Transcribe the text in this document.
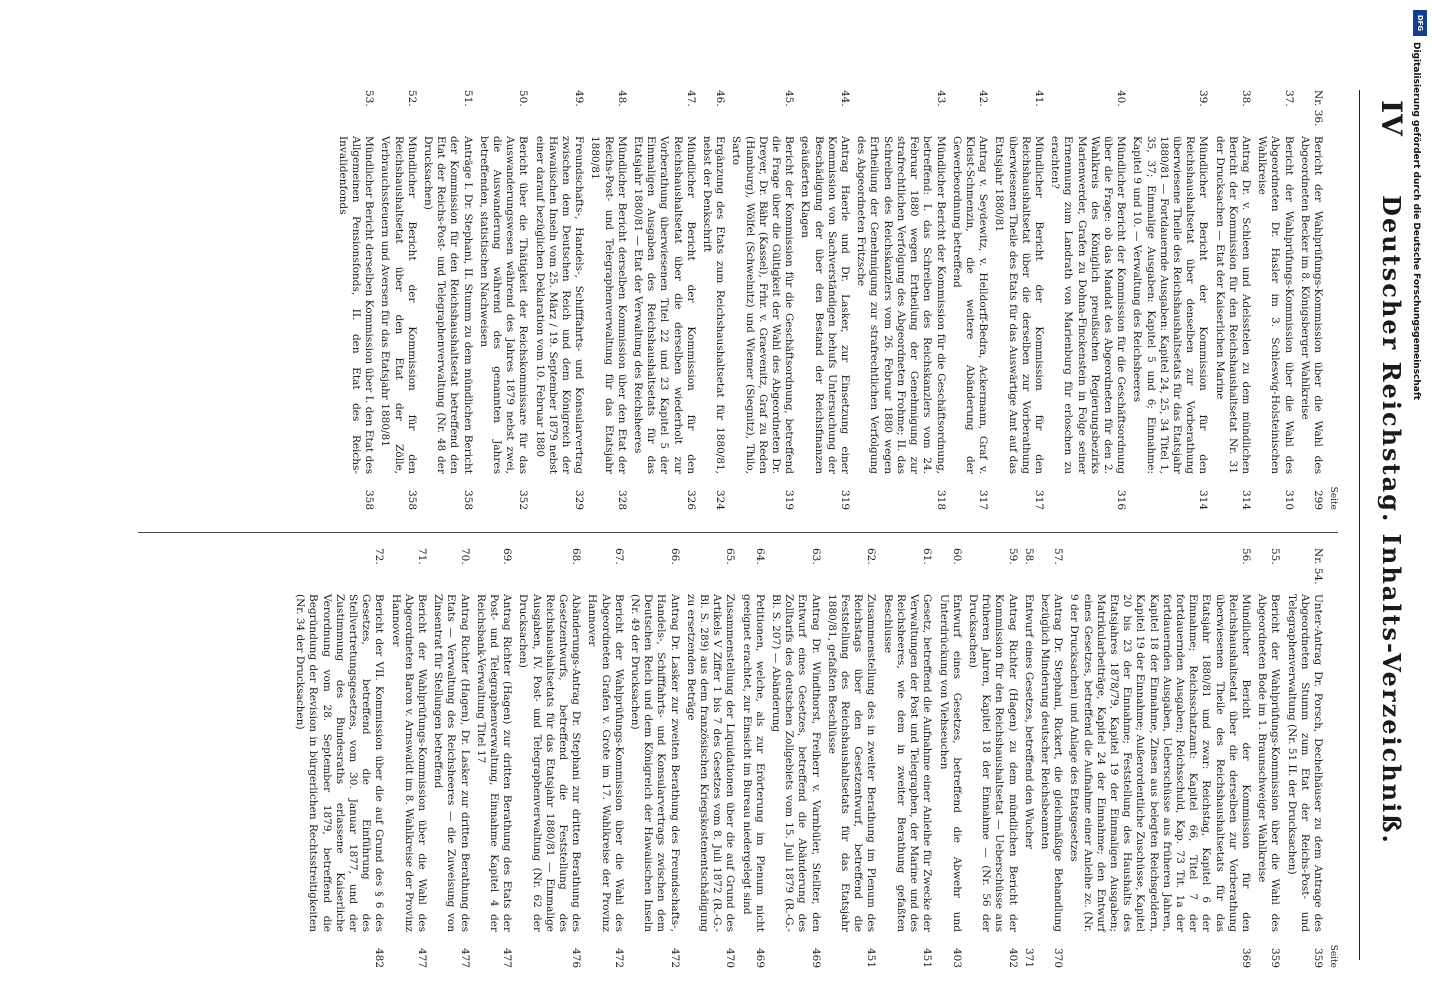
IV
Deutscher Reichstag. Inhalts-Verzeichniß.
Seite
Nr. 36.
Bericht der Wahlprüfungs-Kommission über die Wahl des Abgeordneten Becker im 8. Königsberger Wahlkreise
299
37.
Bericht der Wahlprüfungs-Kommission über die Wahl des Abgeordneten Dr. Hasler im 3. Schleswig-Holsteinischen Wahlkreise
310
38.
Antrag Dr. v. Schleen und Adelsstelen zu dem mündlichen Bericht der Kommission für den Reichshaushaltsetat Nr. 31 der Drucksachen — Etat der Kaiserlichen Marine
314
39.
Mündlicher Bericht der Kommission für den Reichshaushaltsetat über denselben zur Vorberathung überwiesene Theile des Reichshaushaltsetats für das Etatsjahr 1880/81 — Fortdauernde Ausgaben: Kapitel 24, 25, 34 Titel 1, 35, 37; Einmalige Ausgaben: Kapitel 5 und 6; Einnahme: Kapitel 9 und 10. — Verwaltung des Reichsheeres
314
40.
Mündlicher Bericht der Kommission für die Geschäftsordnung über die Frage: ob das Mandat des Abgeordneten für den 2. Wahlkreis des Königlich preußischen Regierungsbezirks Marienwerder, Grafen zu Dohna-Finckenstein in Folge seiner Ernennung zum Landrath von Marienburg für erloschen zu erachten?
316
41.
Mündlicher Bericht der Kommission für den Reichshaushaltsetat über die derselben zur Vorberathung überwiesenen Theile des Etats für das Auswärtige Amt auf das Etatsjahr 1880/81
317
42.
Antrag v. Seydewitz, v. Helldorff-Bedra, Ackermann, Graf v. Kleist-Schmenzin, die weitere Abänderung der Gewerbeordnung betreffend
317
43.
Mündlicher Bericht der Kommission für die Geschäftsordnung, betreffend: I. das Schreiben des Reichskanzlers vom 24. Februar 1880 wegen Ertheilung der Genehmigung zur strafrechtlichen Verfolgung des Abgeordneten Frohme; II. das Schreiben des Reichskanzlers vom 26. Februar 1880 wegen Ertheilung der Genehmigung zur strafrechtlichen Verfolgung des Abgeordneten Fritzsche
318
44.
Antrag Haerle und Dr. Lasker, zur Einsetzung einer Kommission von Sachverständigen behufs Untersuchung der Beschädigung der über den Bestand der Reichsfinanzen geäußerten Klagen
319
45.
Bericht der Kommission für die Geschäftsordnung, betreffend die Frage über die Gültigkeit der Wahl des Abgeordneten Dr. Dreyer, Dr. Bähr (Kassel), Frhr. v. Graevenitz, Graf zu Reden (Hamburg), Wölfel (Schwelnitz) und Wiemer (Siegnitz), Thilo, Sarto
319
46.
Ergänzung des Etats zum Reichshaushaltsetat für 1880/81, nebst der Denkschrift
324
47.
Mündlicher Bericht der Kommission für den Reichshaushaltsetat über die derselben wiederholt zur Vorberathung überwiesenen Titel 22 und 23 Kapitel 5 der Einmaligen Ausgaben des Reichshaushaltsetats für das Etatsjahr 1880/81 — Etat der Verwaltung des Reichsheeres
326
48.
Mündlicher Bericht derselben Kommission über den Etat der Reichs-Post- und Telegraphenverwaltung für das Etatsjahr 1880/81
328
49.
Freundschafts-, Handels-, Schifffahrts- und Konsularvertrag zwischen dem Deutschen Reich und dem Königreich der Hawaiischen Inseln vom 25. März / 19. September 1879 nebst einer darauf bezüglichen Deklaration vom 10. Februar 1880
329
50.
Bericht über die Thätigkeit der Reichskommissare für das Auswanderungswesen während des Jahres 1879 nebst zwei, die Auswanderung während des genannten Jahres betreffenden, statistischen Nachweisen
352
51.
Anträge I. Dr. Stephani, II. Stumm zu dem mündlichen Bericht der Kommission für den Reichshaushaltsetat betreffend den Etat der Reichs-Post- und Telegraphenverwaltung (Nr. 48 der Drucksachen)
358
52.
Mündlicher Bericht der Kommission für den Reichshaushaltsetat über den Etat der Zölle, Verbrauchssteuern und Aversen für das Etatsjahr 1880/81
358
53.
Mündlicher Bericht derselben Kommission über I. den Etat des Allgemeinen Pensionsfonds, II. den Etat des Reichs-Invalidenfonds
358
Seite
Nr. 54.
Unter-Antrag Dr. Porsch, Dechelhäuser zu dem Antrage des Abgeordneten Stumm zum Etat der Reichs-Post- und Telegraphenverwaltung (Nr. 51 II. der Drucksachen)
359
55.
Bericht der Wahlprüfungs-Kommission über die Wahl des Abgeordneten Bode im 1. Braunschweiger Wahlkreise
359
56.
Mündlicher Bericht der Kommission für den Reichshaushaltsetat über die derselben zur Vorberathung überwiesenen Theile des Reichshaushaltsetats für das Etatsjahr 1880/81 und zwar: Reichstag, Kapitel 6 der Einnahme; Reichsschatzamt: Kapitel 66, Titel 7 der fortdauernden Ausgaben; Reichsschuld, Kap. 73 Tit. 1a der fortdauernden Ausgaben, Ueberschüsse aus früheren Jahren, Kapitel 18 der Einnahme, Zinsen aus belegten Reichsgeldern, Kapitel 19 der Einnahme; Außerordentliche Zuschüsse, Kapitel 20 bis 23 der Einnahme; Feststellung des Haushalts des Etatsjahres 1878/79, Kapitel 19 der Einmaligen Ausgaben; Matrikularbeiträge, Kapitel 24 der Einnahme; den Entwurf eines Gesetzes, betreffend die Aufnahme einer Anleihe zc. (Nr. 9 der Drucksachen) und Anlage des Etatsgesetzes
369
57.
Antrag Dr. Stephani, Rickert, die gleichmäßige Behandlung bezüglich Minderung deutscher Reichsbeamten
370
58.
Entwurf eines Gesetzes, betreffend den Wucher
371
59.
Antrag Richter (Hagen) zu dem mündlichen Bericht der Kommission für den Reichshaushaltsetat — Ueberschüsse aus früheren Jahren, Kapitel 18 der Einnahme — (Nr. 56 der Drucksachen)
402
60.
Entwurf eines Gesetzes, betreffend die Abwehr und Unterdrückung von Viehseuchen
403
61.
Gesetz, betreffend die Aufnahme einer Anleihe für Zwecke der Verwaltungen der Post und Telegraphen, der Marine und des Reichsheeres, wie dem in zweiter Berathung gefaßten Beschlusse
451
62.
Zusammenstellung des in zweiter Berathung im Plenum des Reichstags über den Gesetzentwurf, betreffend die Feststellung des Reichshaushaltsetats für das Etatsjahr 1880/81, gefaßten Beschlüsse
451
63.
Antrag Dr. Windthorst, Freiherr v. Varnbüler, Stellter, den Entwurf eines Gesetzes, betreffend die Abänderung des Zolltarifs des deutschen Zollgebiets vom 15. Juli 1879 (R.-G.-Bl. S. 207) — Abänderung
469
64.
Petitionen, welche, als zur Erörterung im Plenum nicht geeignet erachtet, zur Einsicht im Bureau niedergelegt sind
469
65.
Zusammenstellung der Liquidationen über die auf Grund des Artikels V Ziffer 1 bis 7 des Gesetzes vom 8. Juli 1872 (R.-G.-Bl. S. 289) aus dem französischen Kriegskostenentschädigung zu ersetzenden Beträge
470
66.
Antrag Dr. Lasker zur zweiten Berathung des Freundschafts-, Handels-, Schifffahrts- und Konsularvertrags zwischen dem Deutschen Reich und dem Königreich der Hawaiischen Inseln (Nr. 49 der Drucksachen)
472
67.
Bericht der Wahlprüfungs-Kommission über die Wahl des Abgeordneten Grafen v. Grote im 17. Wahlkreise der Provinz Hannover
472
68.
Abänderungs-Antrag Dr. Stephani zur dritten Berathung des Gesetzentwurfs, betreffend die Feststellung des Reichshaushaltsetats für das Etatsjahr 1880/81 — Einmalige Ausgaben, IV. Post- und Telegraphenverwaltung (Nr. 62 der Drucksachen)
476
69.
Antrag Richter (Hagen) zur dritten Berathung des Etats der Post- und Telegraphenverwaltung, Einnahme Kapitel 4 der Reichsbank-Verwaltung Titel 17
477
70.
Antrag Richter (Hagen), Dr. Lasker zur dritten Berathung des Etats — Verwaltung des Reichsheeres — die Zuweisung von Zinsentrat für Stellungen betreffend
477
71.
Bericht der Wahlprüfungs-Kommission über die Wahl des Abgeordneten Baron v. Arnswaldt im 8. Wahlkreise der Provinz Hannover
477
72.
Bericht der VII. Kommission über die auf Grund des § 6 des Gesetzes, betreffend die Einführung des Stellvertretungsgesetzes, vom 30. Januar 1877, und der Zustimmung des Bundesraths erlassene Kaiserliche Verordnung vom 28. September 1879, betreffend die Begründung der Revision in bürgerlichen Rechtsstreitigkeiten (Nr. 34 der Drucksachen)
482
DFG
Digitalisierung gefördert durch die Deutsche Forschungsgemeinschaft
